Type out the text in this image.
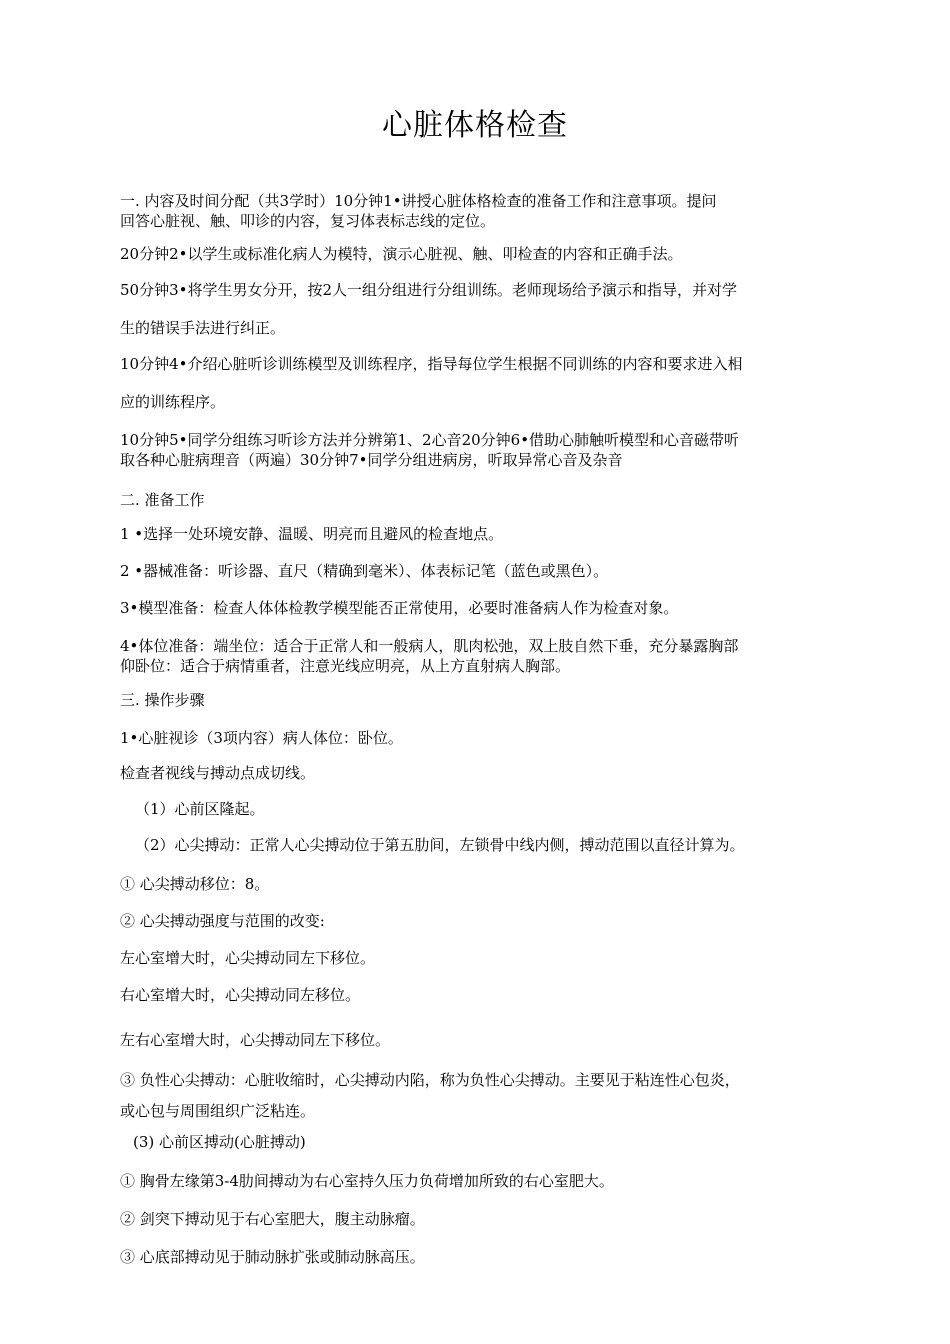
心脏体格检查
一. 内容及时间分配（共3学时）10分钟1•讲授心脏体格检查的准备工作和注意事项。提问
回答心脏视、触、叩诊的内容，复习体表标志线的定位。
20分钟2•以学生或标准化病人为模特，演示心脏视、触、叩检查的内容和正确手法。
50分钟3•将学生男女分开，按2人一组分组进行分组训练。老师现场给予演示和指导，并对学
生的错误手法进行纠正。
10分钟4•介绍心脏听诊训练模型及训练程序，指导每位学生根据不同训练的内容和要求进入相
应的训练程序。
10分钟5•同学分组练习听诊方法并分辨第1、2心音20分钟6•借助心肺触听模型和心音磁带听
取各种心脏病理音（两遍）30分钟7•同学分组进病房，听取异常心音及杂音
二. 准备工作
1 •选择一处环境安静、温暖、明亮而且避风的检查地点。
2 •器械准备：听诊器、直尺（精确到毫米）、体表标记笔（蓝色或黑色）。
3•模型准备：检查人体体检教学模型能否正常使用，必要时准备病人作为检查对象。
4•体位准备：端坐位：适合于正常人和一般病人，肌肉松弛，双上肢自然下垂，充分暴露胸部
仰卧位：适合于病情重者，注意光线应明亮，从上方直射病人胸部。
三. 操作步骤
1•心脏视诊（3项内容）病人体位：卧位。
检查者视线与搏动点成切线。
（1）心前区隆起。
（2）心尖搏动：正常人心尖搏动位于第五肋间，左锁骨中线内侧，搏动范围以直径计算为。
① 心尖搏动移位：8。
② 心尖搏动强度与范围的改变:
左心室增大时，心尖搏动同左下移位。
右心室增大时，心尖搏动同左移位。
左右心室增大时，心尖搏动同左下移位。
③ 负性心尖搏动：心脏收缩时，心尖搏动内陷，称为负性心尖搏动。主要见于粘连性心包炎，
或心包与周围组织广泛粘连。
(3) 心前区搏动(心脏搏动)
① 胸骨左缘第3-4肋间搏动为右心室持久压力负荷增加所致的右心室肥大。
② 剑突下搏动见于右心室肥大，腹主动脉瘤。
③ 心底部搏动见于肺动脉扩张或肺动脉高压。
